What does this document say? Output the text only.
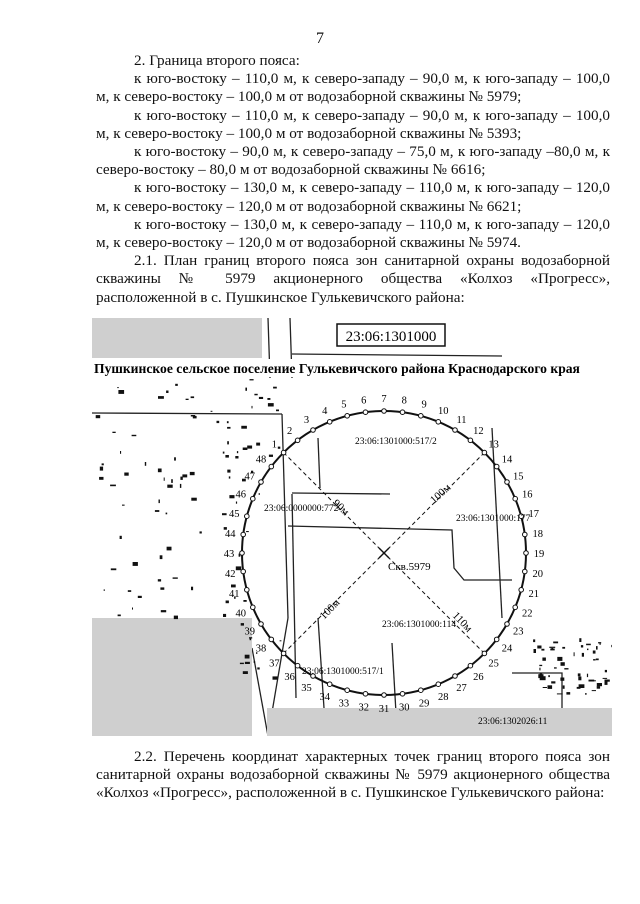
7

2. Граница второго пояса:

к юго-востоку – 110,0 м, к северо-западу – 90,0 м, к юго-западу – 100,0 м, к северо-востоку – 100,0 м от водозаборной скважины № 5979;

к юго-востоку – 110,0 м, к северо-западу – 90,0 м, к юго-западу – 100,0 м, к северо-востоку – 100,0 м от водозаборной скважины № 5393;

к юго-востоку – 90,0 м, к северо-западу – 75,0 м, к юго-западу –80,0 м, к северо-востоку – 80,0 м от водозаборной скважины № 6616;

к юго-востоку – 130,0 м, к северо-западу – 110,0 м, к юго-западу – 120,0 м, к северо-востоку – 120,0 м от водозаборной скважины № 6621;

к юго-востоку – 130,0 м, к северо-западу – 110,0 м, к юго-западу – 120,0 м, к северо-востоку – 120,0 м от водозаборной скважины № 5974.

2.1. План границ второго пояса зон санитарной охраны водозаборной скважины № 5979 акционерного общества «Колхоз «Прогресс», расположенной в с. Пушкинское Гулькевичского района:

23:06:1301000
Пушкинское сельское поселение Гулькевичского района Краснодарского края
1
2
3
4
5 6 7 8 9
10
11
12
13
14
15
16
17
18
19
20
21
22
23
24
25
26
27
28
29
30
31
32
33
34
35
36
37
38
39
40
41
42
43
44
45
46
47
48
Скв.5979
90м
100м
100м
110м
23:06:1301000:517/2
23:06:0000000:772
23:06:1301000:177
23:06:1301000:114
23:06:1301000:517/1
23:06:1302026:11

2.2. Перечень координат характерных точек границ второго пояса зон санитарной охраны водозаборной скважины № 5979 акционерного общества «Колхоз «Прогресс», расположенной в с. Пушкинское Гулькевичского района:
